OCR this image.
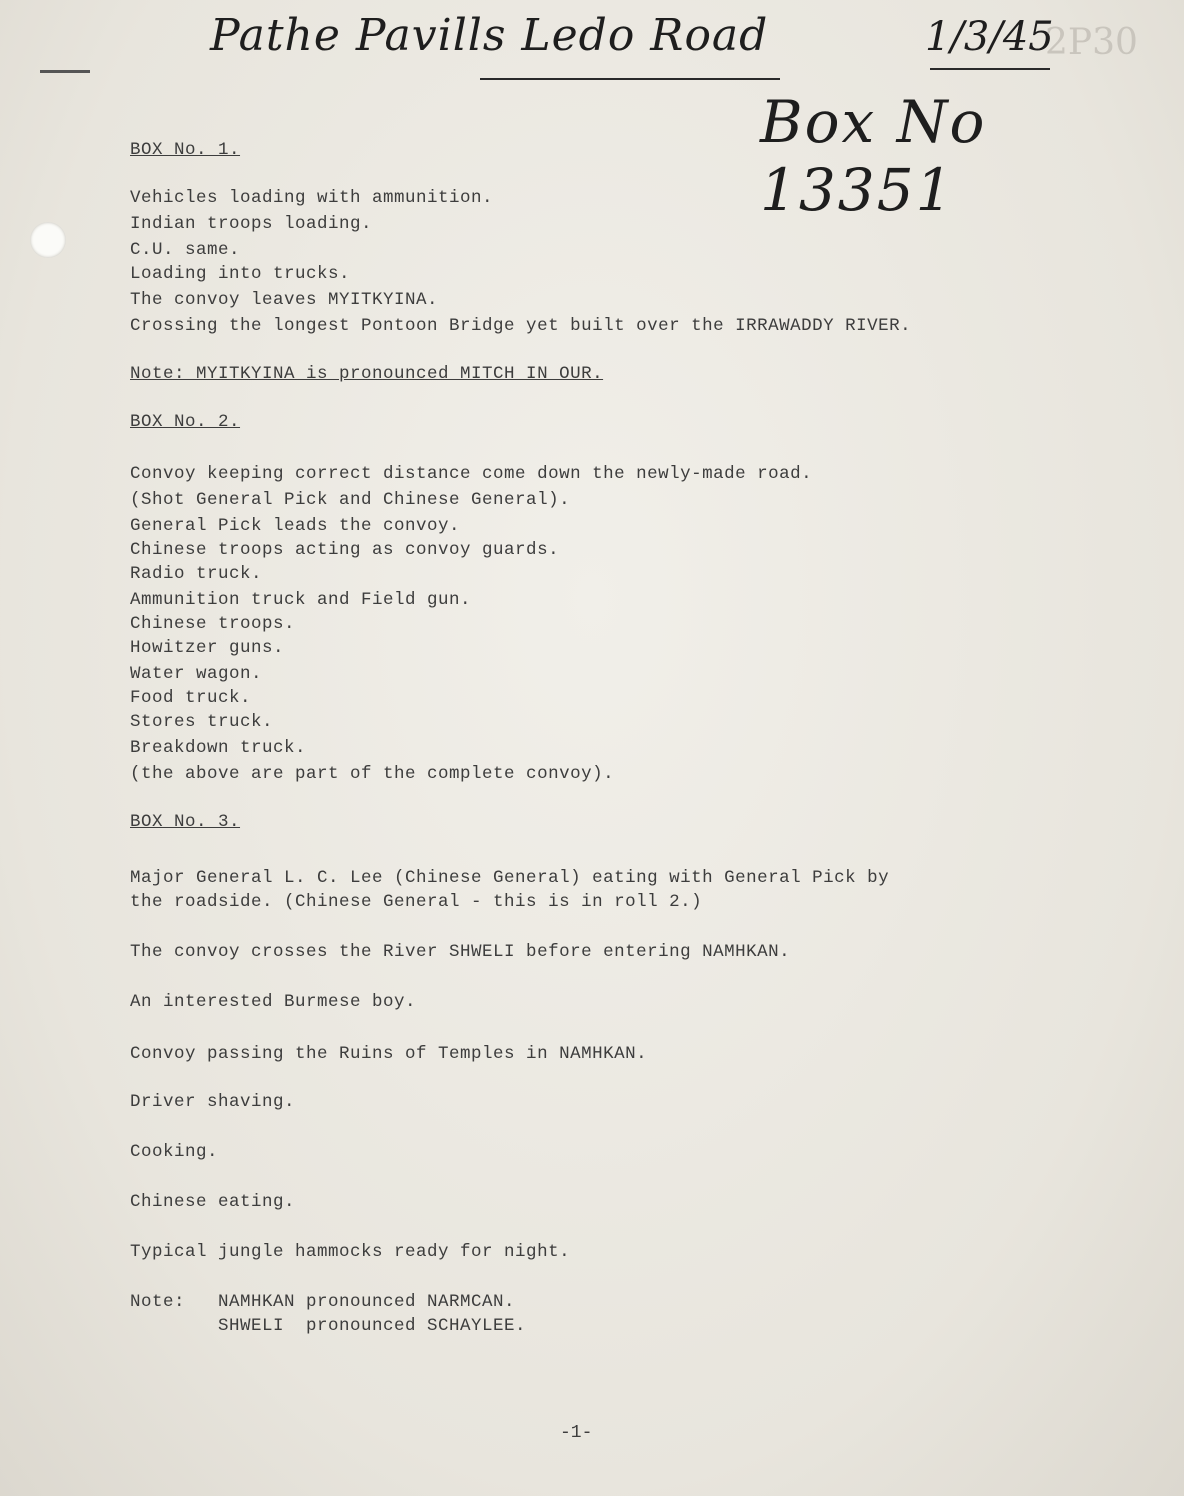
Pathe Pavills Ledo Road	1/3/45
2P30
Box No 13351
BOX No. 1.
Vehicles loading with ammunition.
Indian troops loading.
C.U. same.
Loading into trucks.
The convoy leaves MYITKYINA.
Crossing the longest Pontoon Bridge yet built over the IRRAWADDY RIVER.
Note: MYITKYINA is pronounced MITCH IN OUR.
BOX No. 2.
Convoy keeping correct distance come down the newly-made road.
(Shot General Pick and Chinese General).
General Pick leads the convoy.
Chinese troops acting as convoy guards.
Radio truck.
Ammunition truck and Field gun.
Chinese troops.
Howitzer guns.
Water wagon.
Food truck.
Stores truck.
Breakdown truck.
(the above are part of the complete convoy).
BOX No. 3.
Major General L. C. Lee (Chinese General) eating with General Pick by
the roadside. (Chinese General - this is in roll 2.)
The convoy crosses the River SHWELI before entering NAMHKAN.
An interested Burmese boy.
Convoy passing the Ruins of Temples in NAMHKAN.
Driver shaving.
Cooking.
Chinese eating.
Typical jungle hammocks ready for night.
Note:   NAMHKAN pronounced NARMCAN.
SHWELI  pronounced SCHAYLEE.
-1-
